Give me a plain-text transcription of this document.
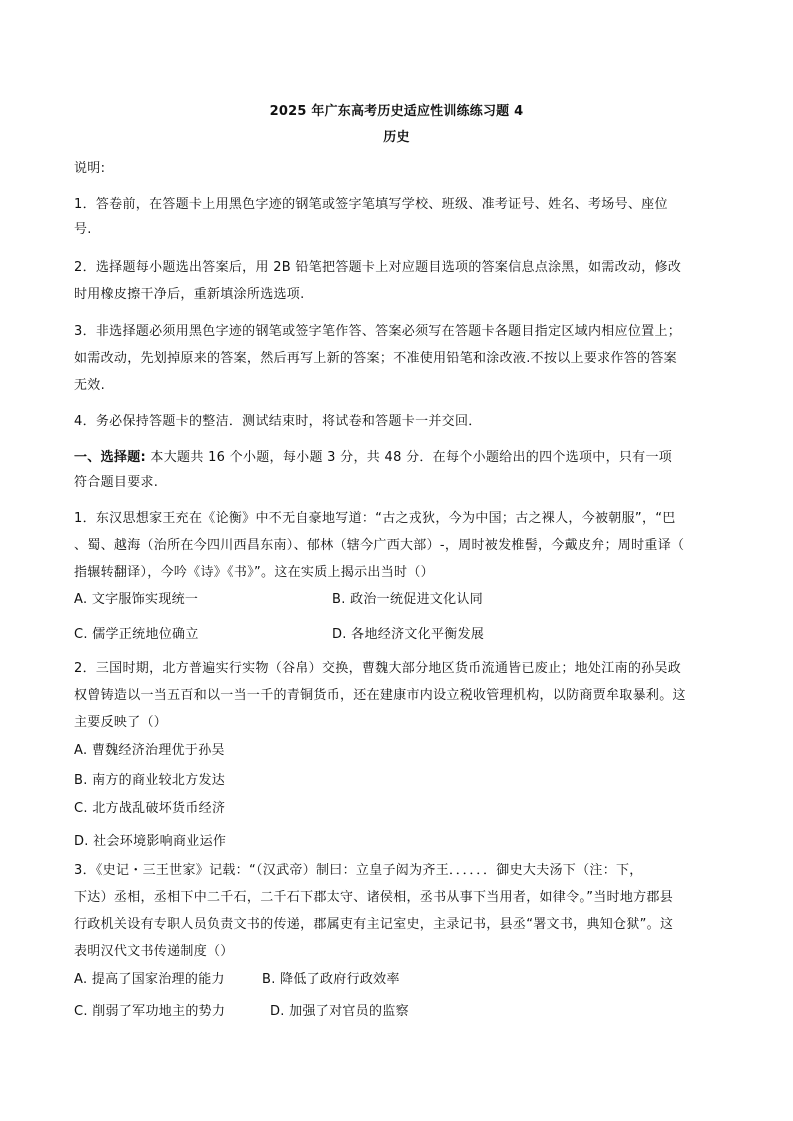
2025 年广东高考历史适应性训练练习题 4
历史
说明:
1．答卷前，在答题卡上用黑色字迹的钢笔或签字笔填写学校、班级、准考证号、姓名、考场号、座位
号.
2．选择题每小题选出答案后，用 2B 铅笔把答题卡上对应题目选项的答案信息点涂黑，如需改动，修改
时用橡皮擦干净后，重新填涂所选选项.
3．非选择题必须用黑色字迹的钢笔或签字笔作答、答案必须写在答题卡各题目指定区域内相应位置上；
如需改动，先划掉原来的答案，然后再写上新的答案；不准使用铅笔和涂改液.不按以上要求作答的答案
无效.
4．务必保持答题卡的整洁．测试结束时，将试卷和答题卡一并交回．
一、选择题: 本大题共 16 个小题，每小题 3 分，共 48 分．在每个小题给出的四个选项中，只有一项
符合题目要求.
1．东汉思想家王充在《论衡》中不无自豪地写道：“古之戎狄，今为中国；古之裸人，今被朝服”，“巴
、蜀、越海（治所在今四川西昌东南）、郁林（辖今广西大部）-，周时被发椎髻，今戴皮弁；周时重译（
指辗转翻译），今吟《诗》《书》”。这在实质上揭示出当时（）
A. 文字服饰实现统一	B. 政治一统促进文化认同
C. 儒学正统地位确立	D. 各地经济文化平衡发展
2．三国时期，北方普遍实行实物（谷帛）交换，曹魏大部分地区货币流通皆已废止；地处江南的孙吴政
权曾铸造以一当五百和以一当一千的青铜货币，还在建康市内设立税收管理机构，以防商贾牟取暴利。这
主要反映了（）
A. 曹魏经济治理优于孙吴
B. 南方的商业较北方发达
C. 北方战乱破坏货币经济
D. 社会环境影响商业运作
3．《史记・三王世家》记载：“（汉武帝）制曰：立皇子闳为齐王．．．．．．御史大夫汤下（注：下，
下达）丞相，丞相下中二千石，二千石下郡太守、诸侯相，丞书从事下当用者，如律令。”当时地方郡县
行政机关设有专职人员负责文书的传递，郡属吏有主记室史，主录记书，县丞“署文书，典知仓狱”。这
表明汉代文书传递制度（）
A. 提高了国家治理的能力	B. 降低了政府行政效率
C. 削弱了军功地主的势力	D. 加强了对官员的监察
